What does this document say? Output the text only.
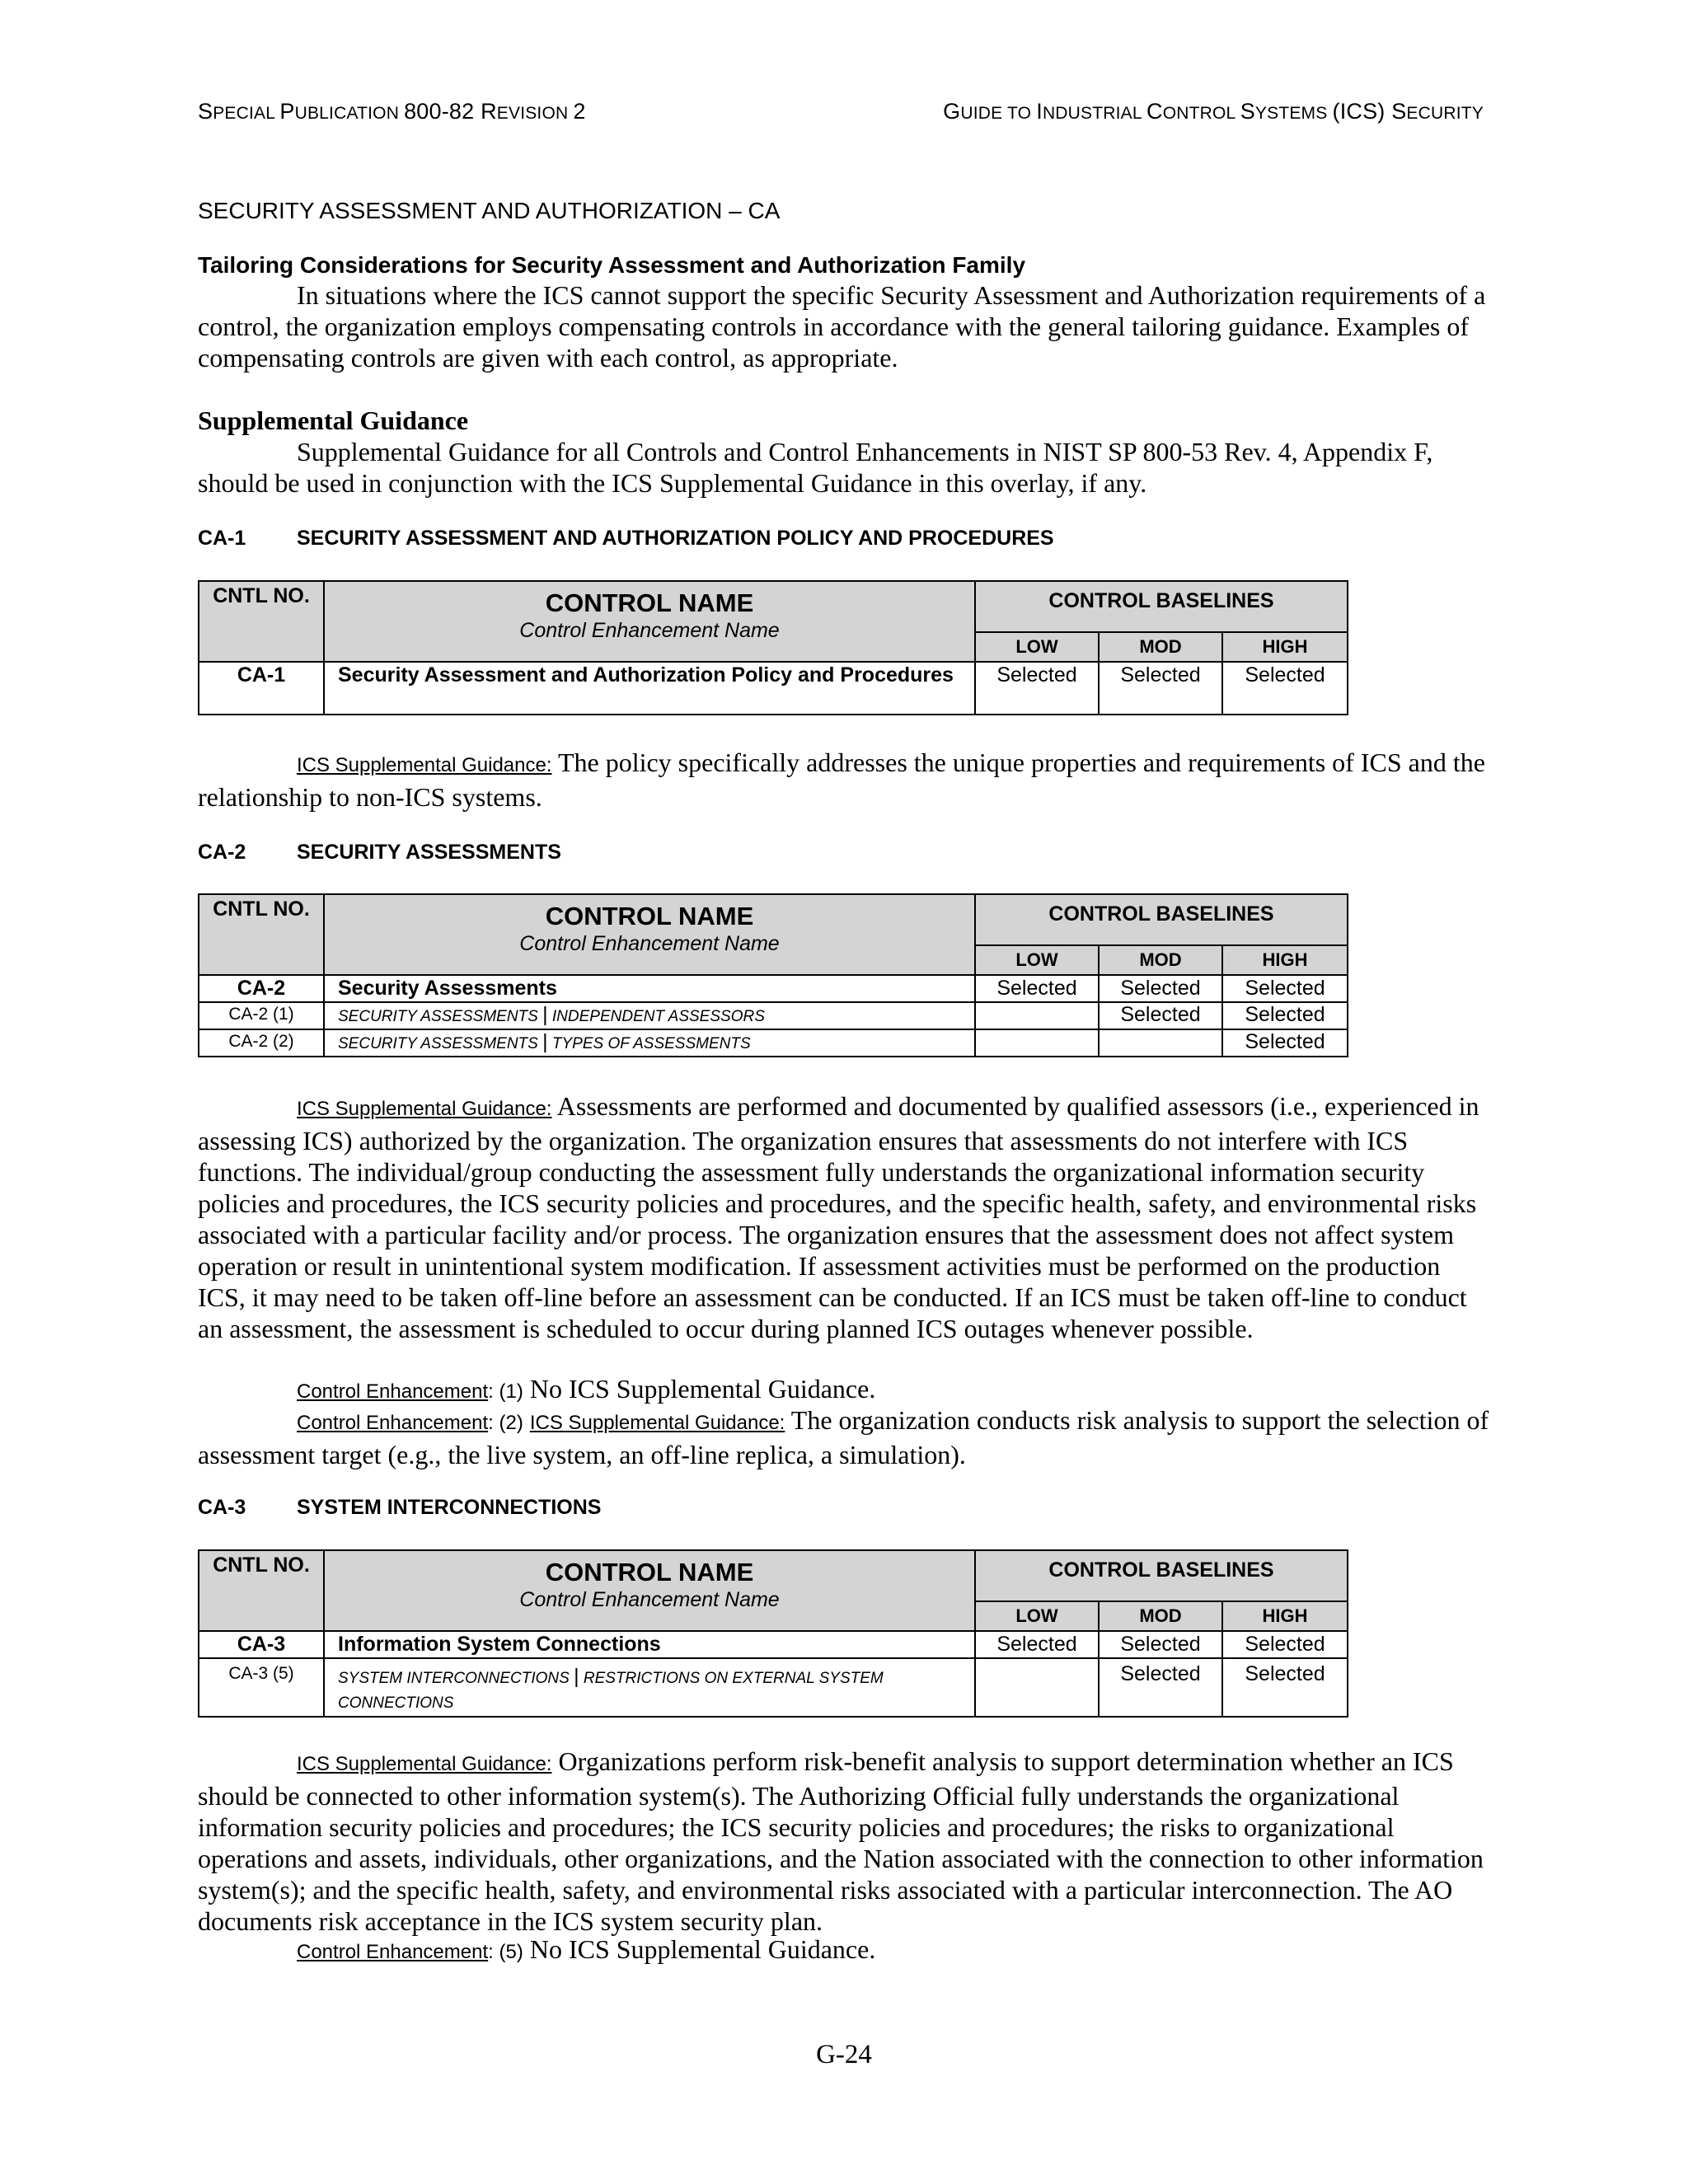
SPECIAL PUBLICATION 800-82 REVISION 2	GUIDE TO INDUSTRIAL CONTROL SYSTEMS (ICS) SECURITY
SECURITY ASSESSMENT AND AUTHORIZATION – CA
Tailoring Considerations for Security Assessment and Authorization Family
In situations where the ICS cannot support the specific Security Assessment and Authorization requirements of a control, the organization employs compensating controls in accordance with the general tailoring guidance. Examples of compensating controls are given with each control, as appropriate.
Supplemental Guidance
Supplemental Guidance for all Controls and Control Enhancements in NIST SP 800-53 Rev. 4, Appendix F, should be used in conjunction with the ICS Supplemental Guidance in this overlay, if any.
CA-1 SECURITY ASSESSMENT AND AUTHORIZATION POLICY AND PROCEDURES
CNTL NO.	CONTROL NAME
Control Enhancement Name	CONTROL BASELINES		
		LOW	MOD	HIGH
CA-1	Security Assessment and Authorization Policy and Procedures	Selected	Selected	Selected
ICS Supplemental Guidance: The policy specifically addresses the unique properties and requirements of ICS and the relationship to non-ICS systems.
CA-2 SECURITY ASSESSMENTS
CNTL NO.	CONTROL NAME
Control Enhancement Name	CONTROL BASELINES		
		LOW	MOD	HIGH
CA-2	Security Assessments	Selected	Selected	Selected
CA-2 (1)	SECURITY ASSESSMENTS | INDEPENDENT ASSESSORS		Selected	Selected
CA-2 (2)	SECURITY ASSESSMENTS | TYPES OF ASSESSMENTS			Selected
ICS Supplemental Guidance: Assessments are performed and documented by qualified assessors (i.e., experienced in assessing ICS) authorized by the organization. The organization ensures that assessments do not interfere with ICS functions. The individual/group conducting the assessment fully understands the organizational information security policies and procedures, the ICS security policies and procedures, and the specific health, safety, and environmental risks associated with a particular facility and/or process. The organization ensures that the assessment does not affect system operation or result in unintentional system modification. If assessment activities must be performed on the production ICS, it may need to be taken off-line before an assessment can be conducted. If an ICS must be taken off-line to conduct an assessment, the assessment is scheduled to occur during planned ICS outages whenever possible.
Control Enhancement: (1) No ICS Supplemental Guidance.
Control Enhancement: (2) ICS Supplemental Guidance: The organization conducts risk analysis to support the selection of assessment target (e.g., the live system, an off-line replica, a simulation).
CA-3 SYSTEM INTERCONNECTIONS
CNTL NO.	CONTROL NAME
Control Enhancement Name	CONTROL BASELINES		
		LOW	MOD	HIGH
CA-3	Information System Connections	Selected	Selected	Selected
CA-3 (5)	SYSTEM INTERCONNECTIONS | RESTRICTIONS ON EXTERNAL SYSTEM CONNECTIONS		Selected	Selected
ICS Supplemental Guidance: Organizations perform risk-benefit analysis to support determination whether an ICS should be connected to other information system(s). The Authorizing Official fully understands the organizational information security policies and procedures; the ICS security policies and procedures; the risks to organizational operations and assets, individuals, other organizations, and the Nation associated with the connection to other information system(s); and the specific health, safety, and environmental risks associated with a particular interconnection. The AO documents risk acceptance in the ICS system security plan.
Control Enhancement: (5) No ICS Supplemental Guidance.
G-24
